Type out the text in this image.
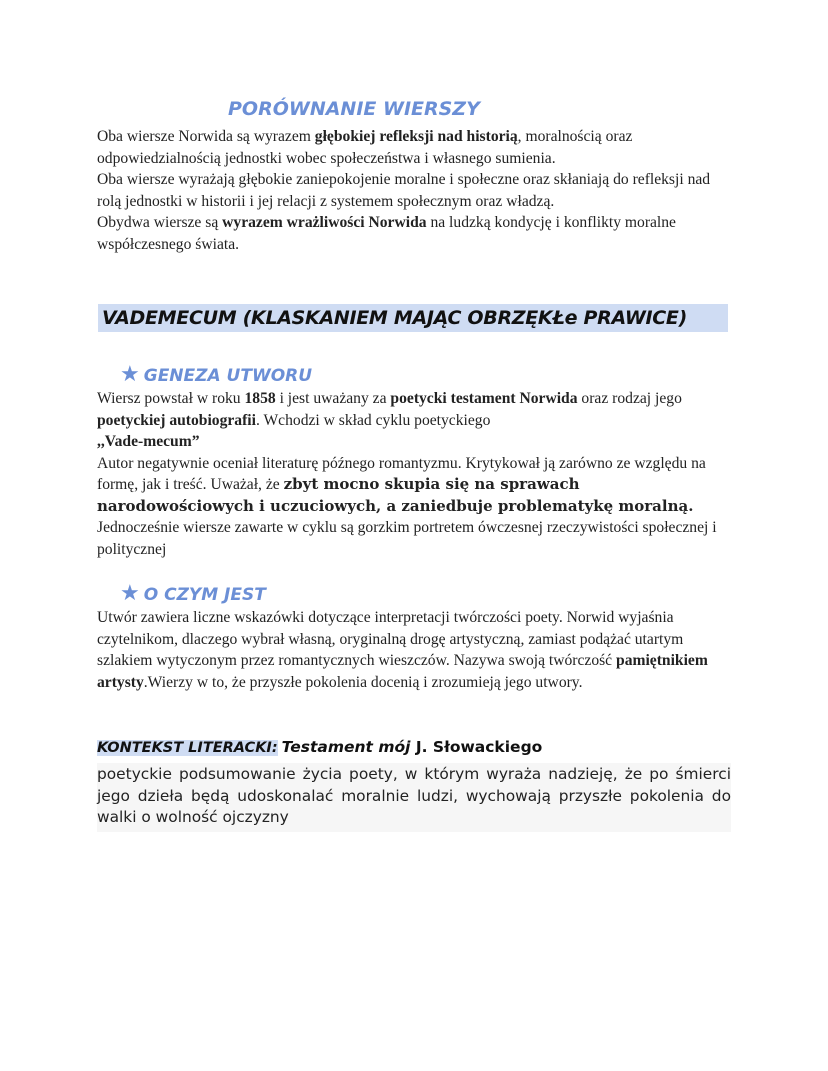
PORÓWNANIE WIERSZY
Oba wiersze Norwida są wyrazem głębokiej refleksji nad historią, moralnością oraz odpowiedzialnością jednostki wobec społeczeństwa i własnego sumienia.
Oba wiersze wyrażają głębokie zaniepokojenie moralne i społeczne oraz skłaniają do refleksji nad rolą jednostki w historii i jej relacji z systemem społecznym oraz władzą.
Obydwa wiersze są wyrazem wrażliwości Norwida na ludzką kondycję i konflikty moralne współczesnego świata.
VADEMECUM (KLASKANIEM MAJĄC OBRZĘKŁe PRAWICE)
★ GENEZA UTWORU
Wiersz powstał w roku 1858 i jest uważany za poetycki testament Norwida oraz rodzaj jego poetyckiej autobiografii. Wchodzi w skład cyklu poetyckiego
,,Vade-mecum”
Autor negatywnie oceniał literaturę późnego romantyzmu. Krytykował ją zarówno ze względu na formę, jak i treść. Uważał, że zbyt mocno skupia się na sprawach narodowościowych i uczuciowych, a zaniedbuje problematykę moralną.
Jednocześnie wiersze zawarte w cyklu są gorzkim portretem ówczesnej rzeczywistości społecznej i politycznej
★ O CZYM JEST
Utwór zawiera liczne wskazówki dotyczące interpretacji twórczości poety. Norwid wyjaśnia czytelnikom, dlaczego wybrał własną, oryginalną drogę artystyczną, zamiast podążać utartym szlakiem wytyczonym przez romantycznych wieszczów. Nazywa swoją twórczość pamiętnikiem artysty.Wierzy w to, że przyszłe pokolenia docenią i zrozumieją jego utwory.
KONTEKST LITERACKI: Testament mój J. Słowackiego
poetyckie podsumowanie życia poety, w którym wyraża nadzieję, że po śmierci jego dzieła będą udoskonalać moralnie ludzi, wychowają przyszłe pokolenia do walki o wolność ojczyzny
